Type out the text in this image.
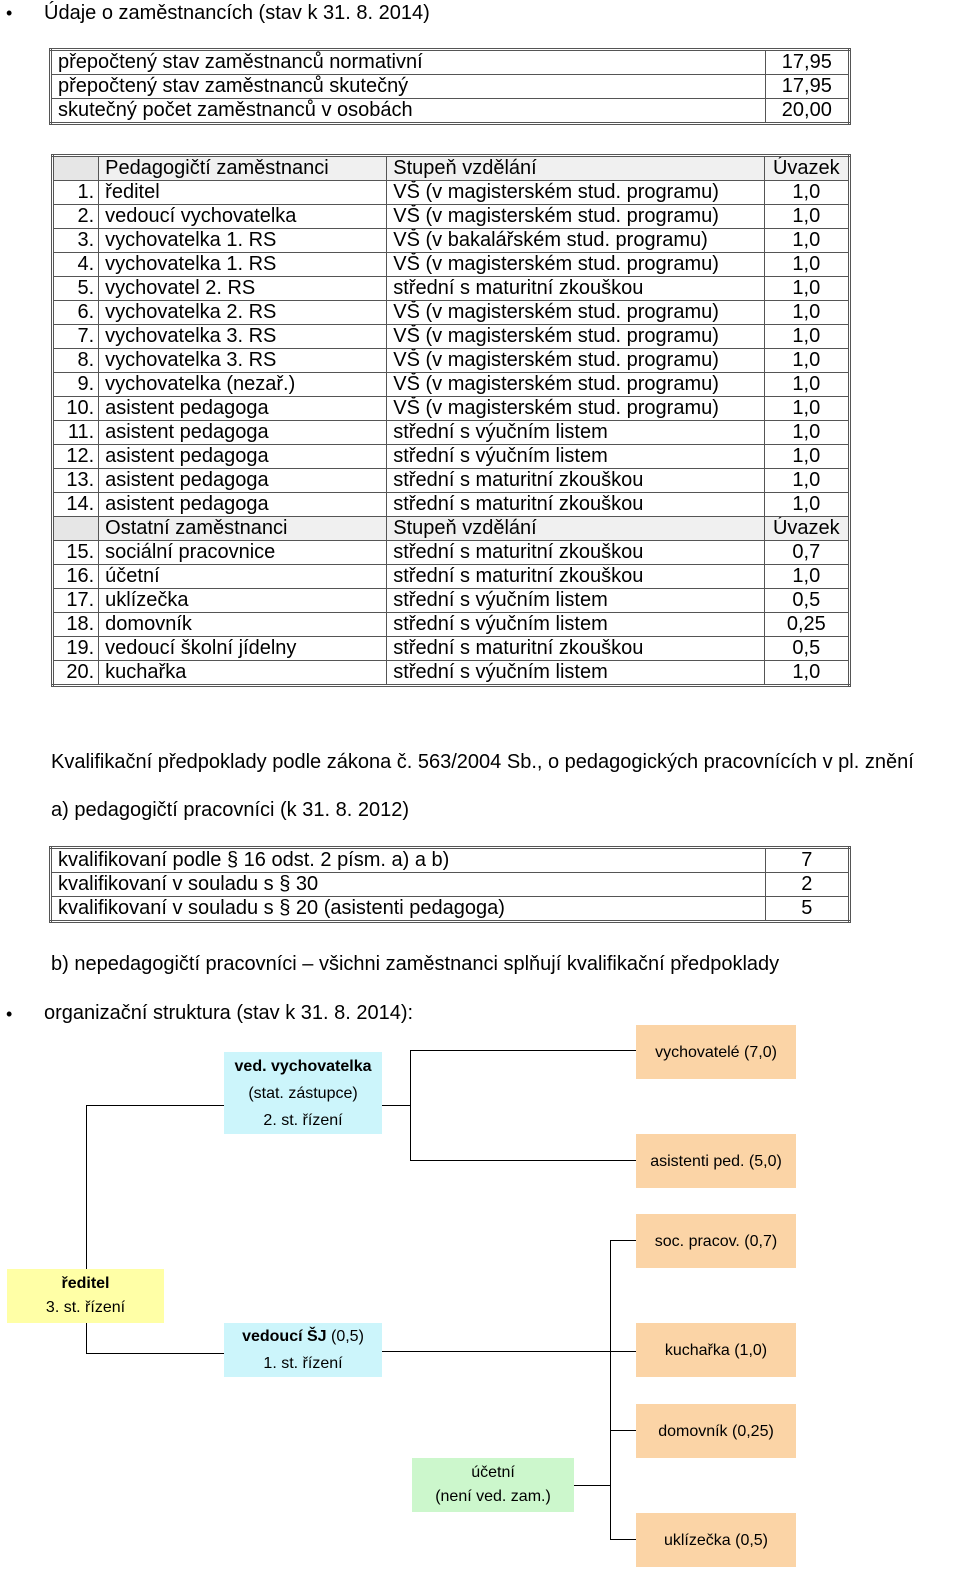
• Údaje o zaměstnancích (stav k 31. 8. 2014)
přepočtený stav zaměstnanců normativní	17,95
přepočtený stav zaměstnanců skutečný	17,95
skutečný počet zaměstnanců v osobách	20,00
	Pedagogičtí zaměstnanci	Stupeň vzdělání	Úvazek
1.	ředitel	VŠ (v magisterském stud. programu)	1,0
2.	vedoucí vychovatelka	VŠ (v magisterském stud. programu)	1,0
3.	vychovatelka 1. RS	VŠ (v bakalářském stud. programu)	1,0
4.	vychovatelka 1. RS	VŠ (v magisterském stud. programu)	1,0
5.	vychovatel 2. RS	střední s maturitní zkouškou	1,0
6.	vychovatelka 2. RS	VŠ (v magisterském stud. programu)	1,0
7.	vychovatelka 3. RS	VŠ (v magisterském stud. programu)	1,0
8.	vychovatelka 3. RS	VŠ (v magisterském stud. programu)	1,0
9.	vychovatelka (nezař.)	VŠ (v magisterském stud. programu)	1,0
10.	asistent pedagoga	VŠ (v magisterském stud. programu)	1,0
11.	asistent pedagoga	střední s výučním listem	1,0
12.	asistent pedagoga	střední s výučním listem	1,0
13.	asistent pedagoga	střední s maturitní zkouškou	1,0
14.	asistent pedagoga	střední s maturitní zkouškou	1,0
	Ostatní zaměstnanci	Stupeň vzdělání	Úvazek
15.	sociální pracovnice	střední s maturitní zkouškou	0,7
16.	účetní	střední s maturitní zkouškou	1,0
17.	uklízečka	střední s výučním listem	0,5
18.	domovník	střední s výučním listem	0,25
19.	vedoucí školní jídelny	střední s maturitní zkouškou	0,5
20.	kuchařka	střední s výučním listem	1,0
Kvalifikační předpoklady podle zákona č. 563/2004 Sb., o pedagogických pracovnících v pl. znění
a) pedagogičtí pracovníci (k 31. 8. 2012)
kvalifikovaní podle § 16 odst. 2 písm. a) a b)	7
kvalifikovaní v souladu s § 30	2
kvalifikovaní v souladu s § 20 (asistenti pedagoga)	5
b) nepedagogičtí pracovníci – všichni zaměstnanci splňují kvalifikační předpoklady
• organizační struktura (stav k 31. 8. 2014):
ředitel
3. st. řízení
ved. vychovatelka
(stat. zástupce)
2. st. řízení
vedoucí ŠJ (0,5)
1. st. řízení
účetní
(není ved. zam.)
vychovatelé (7,0)
asistenti ped. (5,0)
soc. pracov. (0,7)
kuchařka (1,0)
domovník (0,25)
uklízečka (0,5)
